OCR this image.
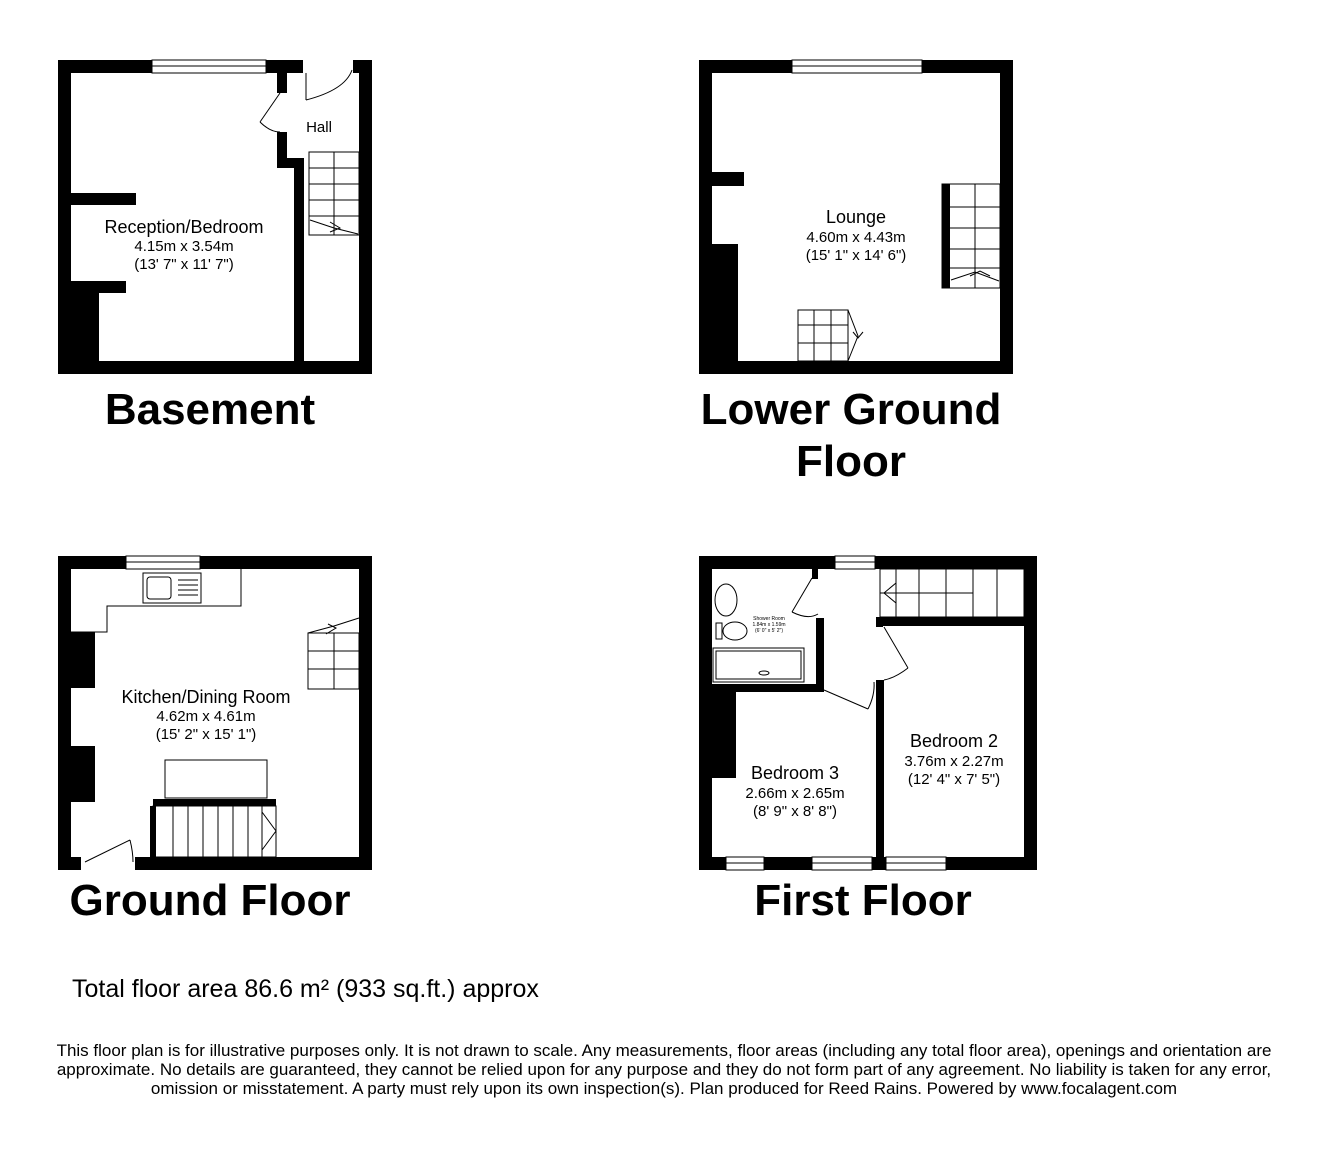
Reception/Bedroom
4.15m x 3.54m
(13' 7" x 11' 7")
Hall
Basement
Lounge
4.60m x 4.43m
(15' 1" x 14' 6")
Lower Ground
Floor
Kitchen/Dining Room
4.62m x 4.61m
(15' 2" x 15' 1")
Ground Floor
Shower Room
1.84m x 1.59m
(6' 0" x 5' 2")
Bedroom 3
2.66m x 2.65m
(8' 9" x 8' 8")
Bedroom 2
3.76m x 2.27m
(12' 4" x 7' 5")
First Floor
Total floor area 86.6 m² (933 sq.ft.) approx
This floor plan is for illustrative purposes only. It is not drawn to scale. Any measurements, floor areas (including any total floor area), openings and orientation are approximate. No details are guaranteed, they cannot be relied upon for any purpose and they do not form part of any agreement. No liability is taken for any error, omission or misstatement. A party must rely upon its own inspection(s). Plan produced for Reed Rains. Powered by www.focalagent.com
